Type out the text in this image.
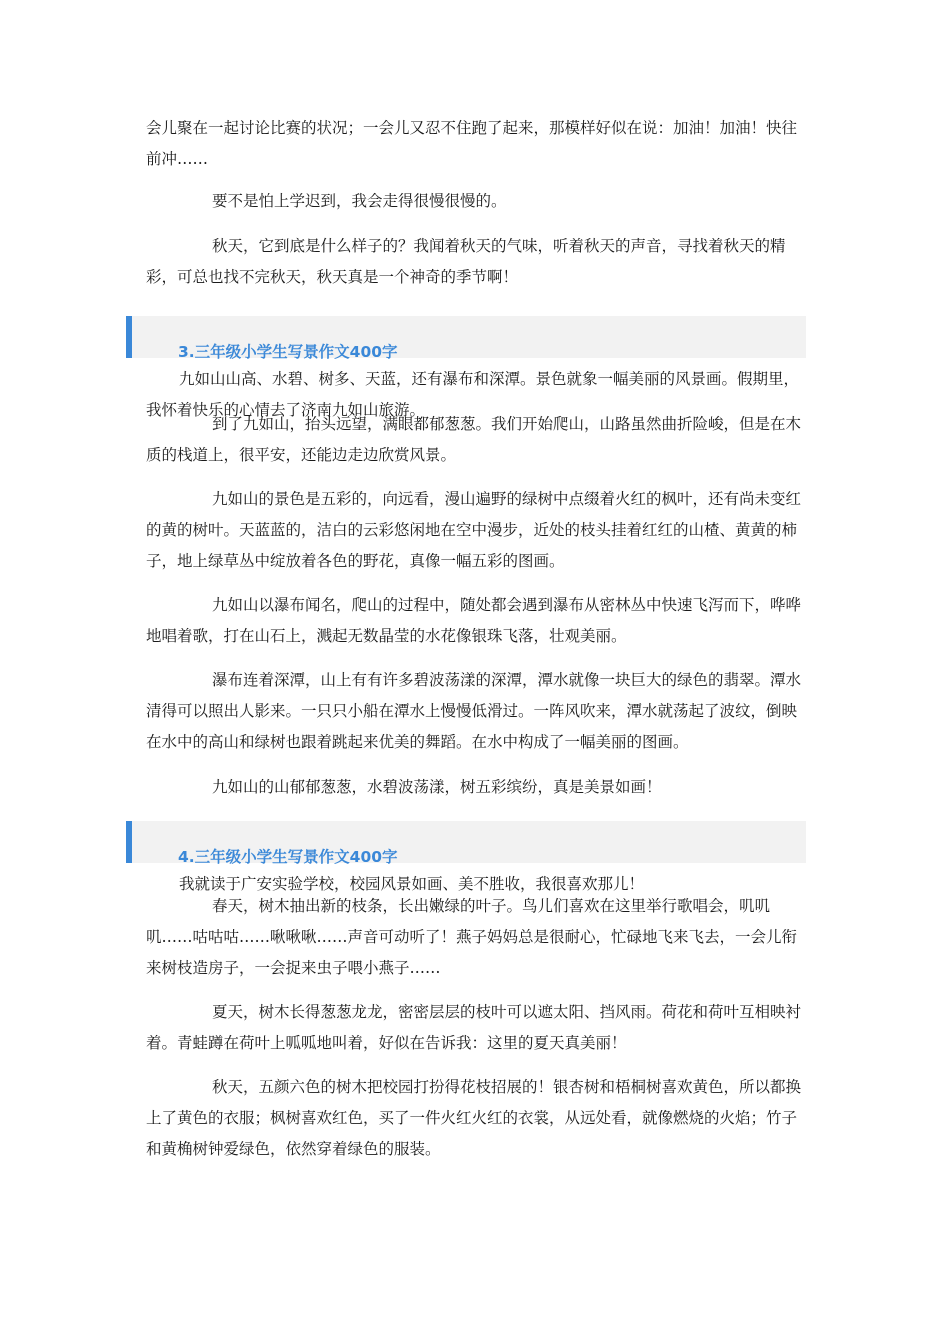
会儿聚在一起讨论比赛的状况；一会儿又忍不住跑了起来，那模样好似在说：加油！加油！快往前冲……

要不是怕上学迟到，我会走得很慢很慢的。

秋天，它到底是什么样子的？我闻着秋天的气味，听着秋天的声音，寻找着秋天的精彩，可总也找不完秋天，秋天真是一个神奇的季节啊！

3.三年级小学生写景作文400字

九如山山高、水碧、树多、天蓝，还有瀑布和深潭。景色就象一幅美丽的风景画。假期里，我怀着快乐的心情去了济南九如山旅游。

到了九如山，抬头远望，满眼都郁葱葱。我们开始爬山，山路虽然曲折险峻，但是在木质的栈道上，很平安，还能边走边欣赏风景。

九如山的景色是五彩的，向远看，漫山遍野的绿树中点缀着火红的枫叶，还有尚未变红的黄的树叶。天蓝蓝的，洁白的云彩悠闲地在空中漫步，近处的枝头挂着红红的山楂、黄黄的柿子，地上绿草丛中绽放着各色的野花，真像一幅五彩的图画。

九如山以瀑布闻名，爬山的过程中，随处都会遇到瀑布从密林丛中快速飞泻而下，哗哗地唱着歌，打在山石上，溅起无数晶莹的水花像银珠飞落，壮观美丽。

瀑布连着深潭，山上有有许多碧波荡漾的深潭，潭水就像一块巨大的绿色的翡翠。潭水清得可以照出人影来。一只只小船在潭水上慢慢低滑过。一阵风吹来，潭水就荡起了波纹，倒映在水中的高山和绿树也跟着跳起来优美的舞蹈。在水中构成了一幅美丽的图画。

九如山的山郁郁葱葱，水碧波荡漾，树五彩缤纷，真是美景如画！

4.三年级小学生写景作文400字

我就读于广安实验学校，校园风景如画、美不胜收，我很喜欢那儿！

春天，树木抽出新的枝条，长出嫩绿的叶子。鸟儿们喜欢在这里举行歌唱会，叽叽叽……咕咕咕……啾啾啾……声音可动听了！燕子妈妈总是很耐心，忙碌地飞来飞去，一会儿衔来树枝造房子，一会捉来虫子喂小燕子……

夏天，树木长得葱葱龙龙，密密层层的枝叶可以遮太阳、挡风雨。荷花和荷叶互相映衬着。青蛙蹲在荷叶上呱呱地叫着，好似在告诉我：这里的夏天真美丽！

秋天，五颜六色的树木把校园打扮得花枝招展的！银杏树和梧桐树喜欢黄色，所以都换上了黄色的衣服；枫树喜欢红色，买了一件火红火红的衣裳，从远处看，就像燃烧的火焰；竹子和黄桷树钟爱绿色，依然穿着绿色的服装。
